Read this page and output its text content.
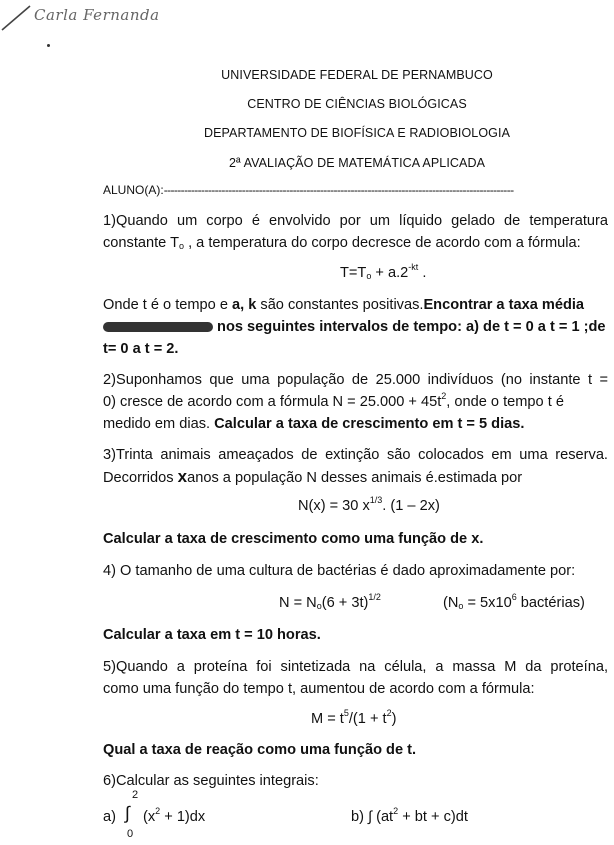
Carla Fernanda
UNIVERSIDADE FEDERAL DE PERNAMBUCO
CENTRO DE CIÊNCIAS BIOLÓGICAS
DEPARTAMENTO DE BIOFÍSICA E RADIOBIOLOGIA
2ª AVALIAÇÃO DE MATEMÁTICA APLICADA
ALUNO(A):-------------------------------------------------------------------------------------------------------
1)Quando um corpo é envolvido por um líquido gelado de temperatura
constante $T_o$ , a temperatura do corpo decresce de acordo com a fórmula:
$T=T_o + a.2^{-kt}$ .
Onde t é o tempo e a, k são constantes positivas.Encontrar a taxa média
nos seguintes intervalos de tempo: a) de t = 0 a t = 1 ;de
t= 0 a t = 2.
2)Suponhamos que uma população de 25.000 indivíduos (no instante t =
0) cresce de acordo com a fórmula $N = 25.000 + 45t^2$, onde o tempo t é
medido em dias. Calcular a taxa de crescimento em t = 5 dias.
3)Trinta animais ameaçados de extinção são colocados em uma reserva.
Decorridos xanos a população N desses animais é.estimada por
N(x) = 30 $x^{1/3}$. (1 – 2x)
Calcular a taxa de crescimento como uma função de x.
4) O tamanho de uma cultura de bactérias é dado aproximadamente por:
$N = N_o(6 + 3t)^{1/2}$	($N_o = 5x10^6$ bactérias)
Calcular a taxa em t = 10 horas.
5)Quando a proteína foi sintetizada na célula, a massa M da proteína,
como uma função do tempo t, aumentou de acordo com a fórmula:
$M = t^5/(1 + t^2)$
Qual a taxa de reação como uma função de t.
6)Calcular as seguintes integrais:
2
a) ∫ $(x^2 + 1)dx$
0
b) ∫ ($at^2$ + bt + c)dt
